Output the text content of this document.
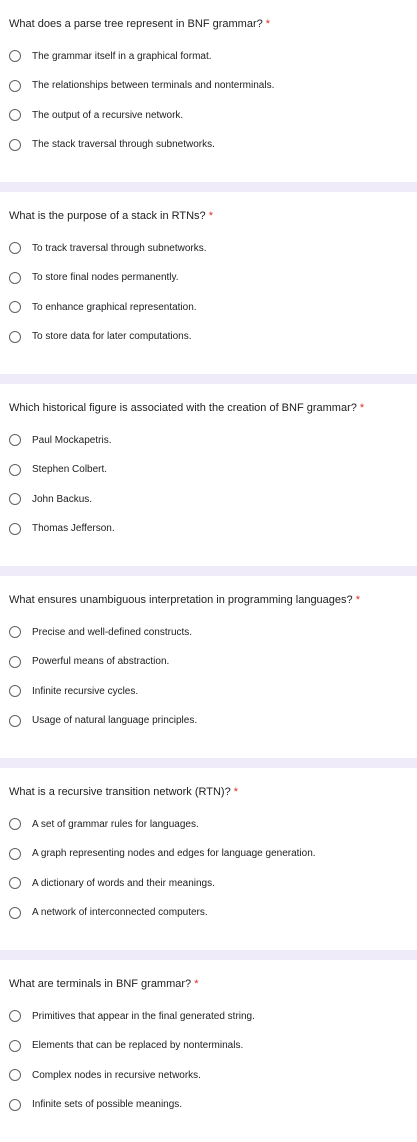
What does a parse tree represent in BNF grammar? *
The grammar itself in a graphical format.
The relationships between terminals and nonterminals.
The output of a recursive network.
The stack traversal through subnetworks.
What is the purpose of a stack in RTNs? *
To track traversal through subnetworks.
To store final nodes permanently.
To enhance graphical representation.
To store data for later computations.
Which historical figure is associated with the creation of BNF grammar? *
Paul Mockapetris.
Stephen Colbert.
John Backus.
Thomas Jefferson.
What ensures unambiguous interpretation in programming languages? *
Precise and well-defined constructs.
Powerful means of abstraction.
Infinite recursive cycles.
Usage of natural language principles.
What is a recursive transition network (RTN)? *
A set of grammar rules for languages.
A graph representing nodes and edges for language generation.
A dictionary of words and their meanings.
A network of interconnected computers.
What are terminals in BNF grammar? *
Primitives that appear in the final generated string.
Elements that can be replaced by nonterminals.
Complex nodes in recursive networks.
Infinite sets of possible meanings.
